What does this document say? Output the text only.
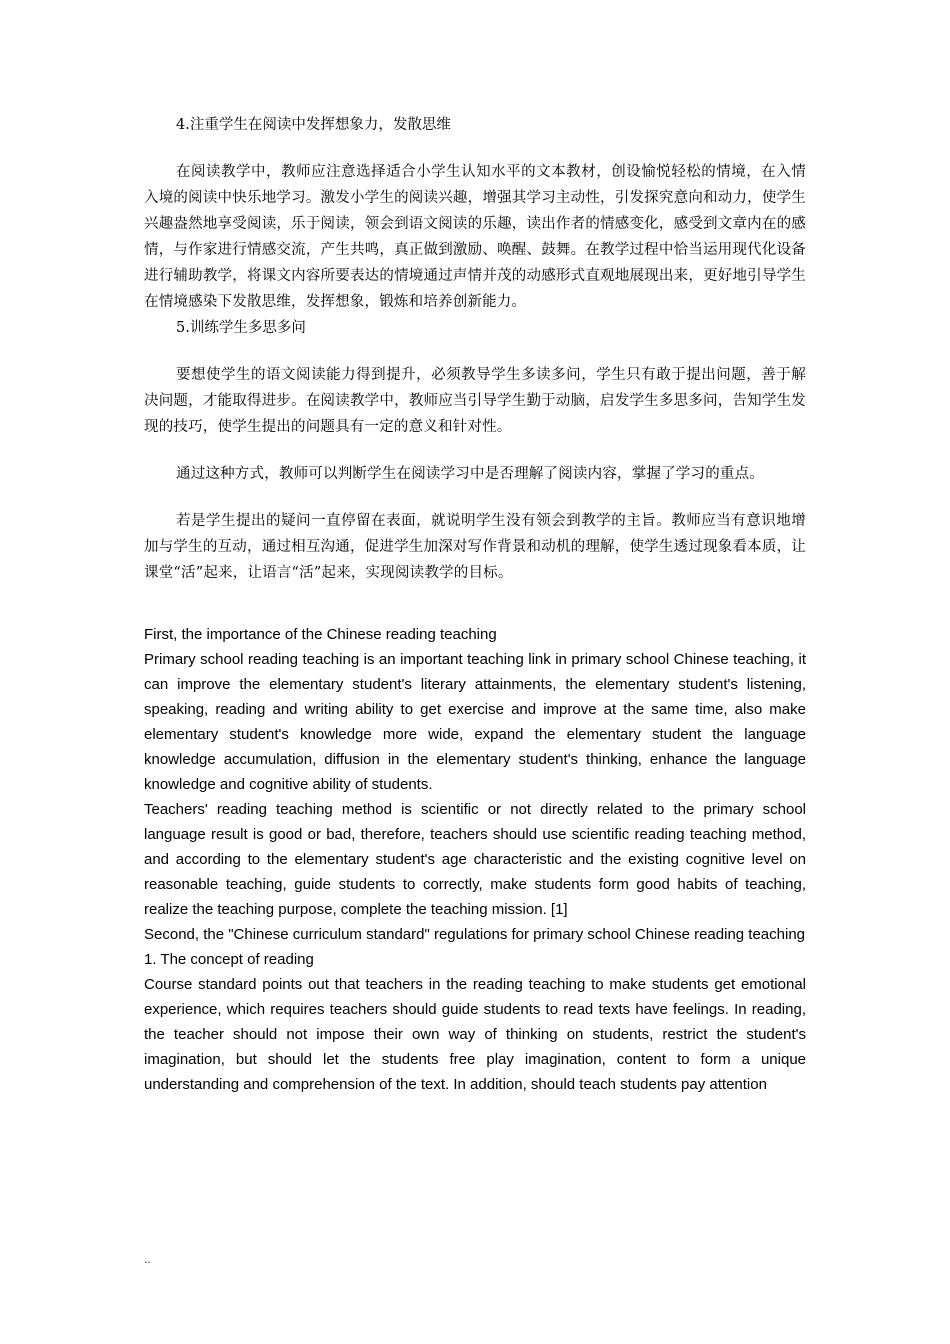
4.注重学生在阅读中发挥想象力，发散思维

在阅读教学中，教师应注意选择适合小学生认知水平的文本教材，创设愉悦轻松的情境，在入情入境的阅读中快乐地学习。激发小学生的阅读兴趣，增强其学习主动性，引发探究意向和动力，使学生兴趣盎然地享受阅读，乐于阅读，领会到语文阅读的乐趣，读出作者的情感变化，感受到文章内在的感情，与作家进行情感交流，产生共鸣，真正做到激励、唤醒、鼓舞。在教学过程中恰当运用现代化设备进行辅助教学，将课文内容所要表达的情境通过声情并茂的动感形式直观地展现出来，更好地引导学生在情境感染下发散思维，发挥想象，锻炼和培养创新能力。

5.训练学生多思多问

要想使学生的语文阅读能力得到提升，必须教导学生多读多问，学生只有敢于提出问题，善于解决问题，才能取得进步。在阅读教学中，教师应当引导学生勤于动脑，启发学生多思多问，告知学生发现的技巧，使学生提出的问题具有一定的意义和针对性。

通过这种方式，教师可以判断学生在阅读学习中是否理解了阅读内容，掌握了学习的重点。

若是学生提出的疑问一直停留在表面，就说明学生没有领会到教学的主旨。教师应当有意识地增加与学生的互动，通过相互沟通，促进学生加深对写作背景和动机的理解，使学生透过现象看本质，让课堂“活”起来，让语言“活”起来，实现阅读教学的目标。

First, the importance of the Chinese reading teaching

Primary school reading teaching is an important teaching link in primary school Chinese teaching, it can improve the elementary student's literary attainments, the elementary student's listening, speaking, reading and writing ability to get exercise and improve at the same time, also make elementary student's knowledge more wide, expand the elementary student the language knowledge accumulation, diffusion in the elementary student's thinking, enhance the language knowledge and cognitive ability of students.

Teachers' reading teaching method is scientific or not directly related to the primary school language result is good or bad, therefore, teachers should use scientific reading teaching method, and according to the elementary student's age characteristic and the existing cognitive level on reasonable teaching, guide students to correctly, make students form good habits of teaching, realize the teaching purpose, complete the teaching mission. [1]

Second, the "Chinese curriculum standard" regulations for primary school Chinese reading teaching

1. The concept of reading

Course standard points out that teachers in the reading teaching to make students get emotional experience, which requires teachers should guide students to read texts have feelings. In reading, the teacher should not impose their own way of thinking on students, restrict the student's imagination, but should let the students free play imagination, content to form a unique understanding and comprehension of the text. In addition, should teach students pay attention

..
